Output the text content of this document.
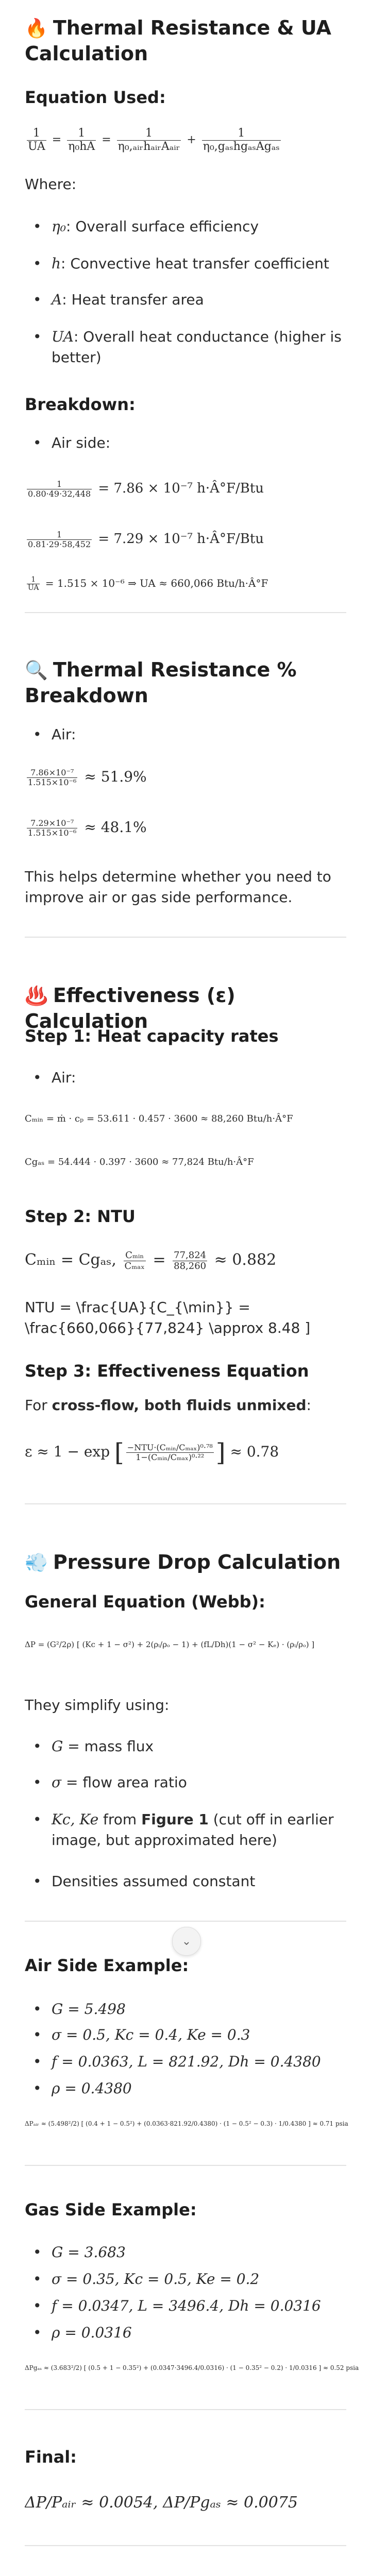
🔥 Thermal Resistance & UA Calculation
Equation Used:
$\frac{1}{UA} = \frac{1}{\text{η₀hA}} = \frac{1}{\text{η₀,ₐᵢᵣhₐᵢᵣAₐᵢᵣ}} + \frac{1}{\text{η₀,gₐₛhgₐₛAgₐₛ}}$
Where:
• η₀: Overall surface efficiency
• h: Convective heat transfer coefficient
• A: Heat transfer area
• UA: Overall heat conductance (higher is better)
Breakdown:
• Air side:
$\frac{1}{0.80\cdot 49\cdot 32,448} = 7.86 \times 10^{-7}$ h·Â°F/Btu
$\frac{1}{0.81\cdot 29\cdot 58,452} = 7.29 \times 10^{-7}$ h·Â°F/Btu
$\frac{1}{UA} = 1.515 \times 10^{-6}$ ⇒ UA ≈ 660,066 Btu/h·Â°F
🔍 Thermal Resistance % Breakdown
• Air:
$\frac{\text{7.86×10⁻⁷}}{\text{1.515×10⁻⁶}} \approx 51.9\%$
$\frac{\text{7.29×10⁻⁷}}{\text{1.515×10⁻⁶}} \approx 48.1\%$
This helps determine whether you need to improve air or gas side performance.
♨️ Effectiveness (ε) Calculation
Step 1: Heat capacity rates
• Air:
Cₘᵢₙ = ṁ · cₚ = 53.611 · 0.457 · 3600 ≈ 88,260 Btu/h·Â°F
Cgₐₛ = 54.444 · 0.397 · 3600 ≈ 77,824 Btu/h·Â°F
Step 2: NTU
Cₘᵢₙ = Cgₐₛ, $\frac{\text{Cₘᵢₙ}}{\text{Cₘₐₓ}} = \frac{77,824}{88,260} \approx 0.882$
NTU = \frac{UA}{C_{\min}} = \frac{660,066}{77,824} \approx 8.48 ]
Step 3: Effectiveness Equation
For cross-flow, both fluids unmixed:
ε ≈ 1 − exp [ $\frac{\text{−NTU·(Cₘᵢₙ/Cₘₐₓ)⁰·⁷⁸}}{\text{1−(Cₘᵢₙ/Cₘₐₓ)⁰·²²}}$ ] ≈ 0.78
💨 Pressure Drop Calculation
General Equation (Webb):
ΔP = (G²/2ρ) [ (Kc + 1 − σ²) + 2(ρᵢ/ρₒ − 1) + (fL/Dh)(1 − σ² − Kₑ) · (ρᵢ/ρₒ) ]
They simplify using:
• G = mass flux
• σ = flow area ratio
• Kc, Ke from Figure 1 (cut off in earlier image, but approximated here)
• Densities assumed constant
Air Side Example:
• G = 5.498
• σ = 0.5, Kc = 0.4, Ke = 0.3
• f = 0.0363, L = 821.92, Dh = 0.4380
• ρ = 0.4380
ΔPₐᵢᵣ ≈ (5.498²/2) [ (0.4 + 1 − 0.5²) + (0.0363·821.92/0.4380) · (1 − 0.5² − 0.3) · 1/0.4380 ] ≈ 0.71 psia
Gas Side Example:
• G = 3.683
• σ = 0.35, Kc = 0.5, Ke = 0.2
• f = 0.0347, L = 3496.4, Dh = 0.0316
• ρ = 0.0316
ΔPgₐₛ ≈ (3.683²/2) [ (0.5 + 1 − 0.35²) + (0.0347·3496.4/0.0316) · (1 − 0.35² − 0.2) · 1/0.0316 ] ≈ 0.52 psia
Final:
ΔP/Pₐᵢᵣ ≈ 0.0054, ΔP/Pgₐₛ ≈ 0.0075
⌄
